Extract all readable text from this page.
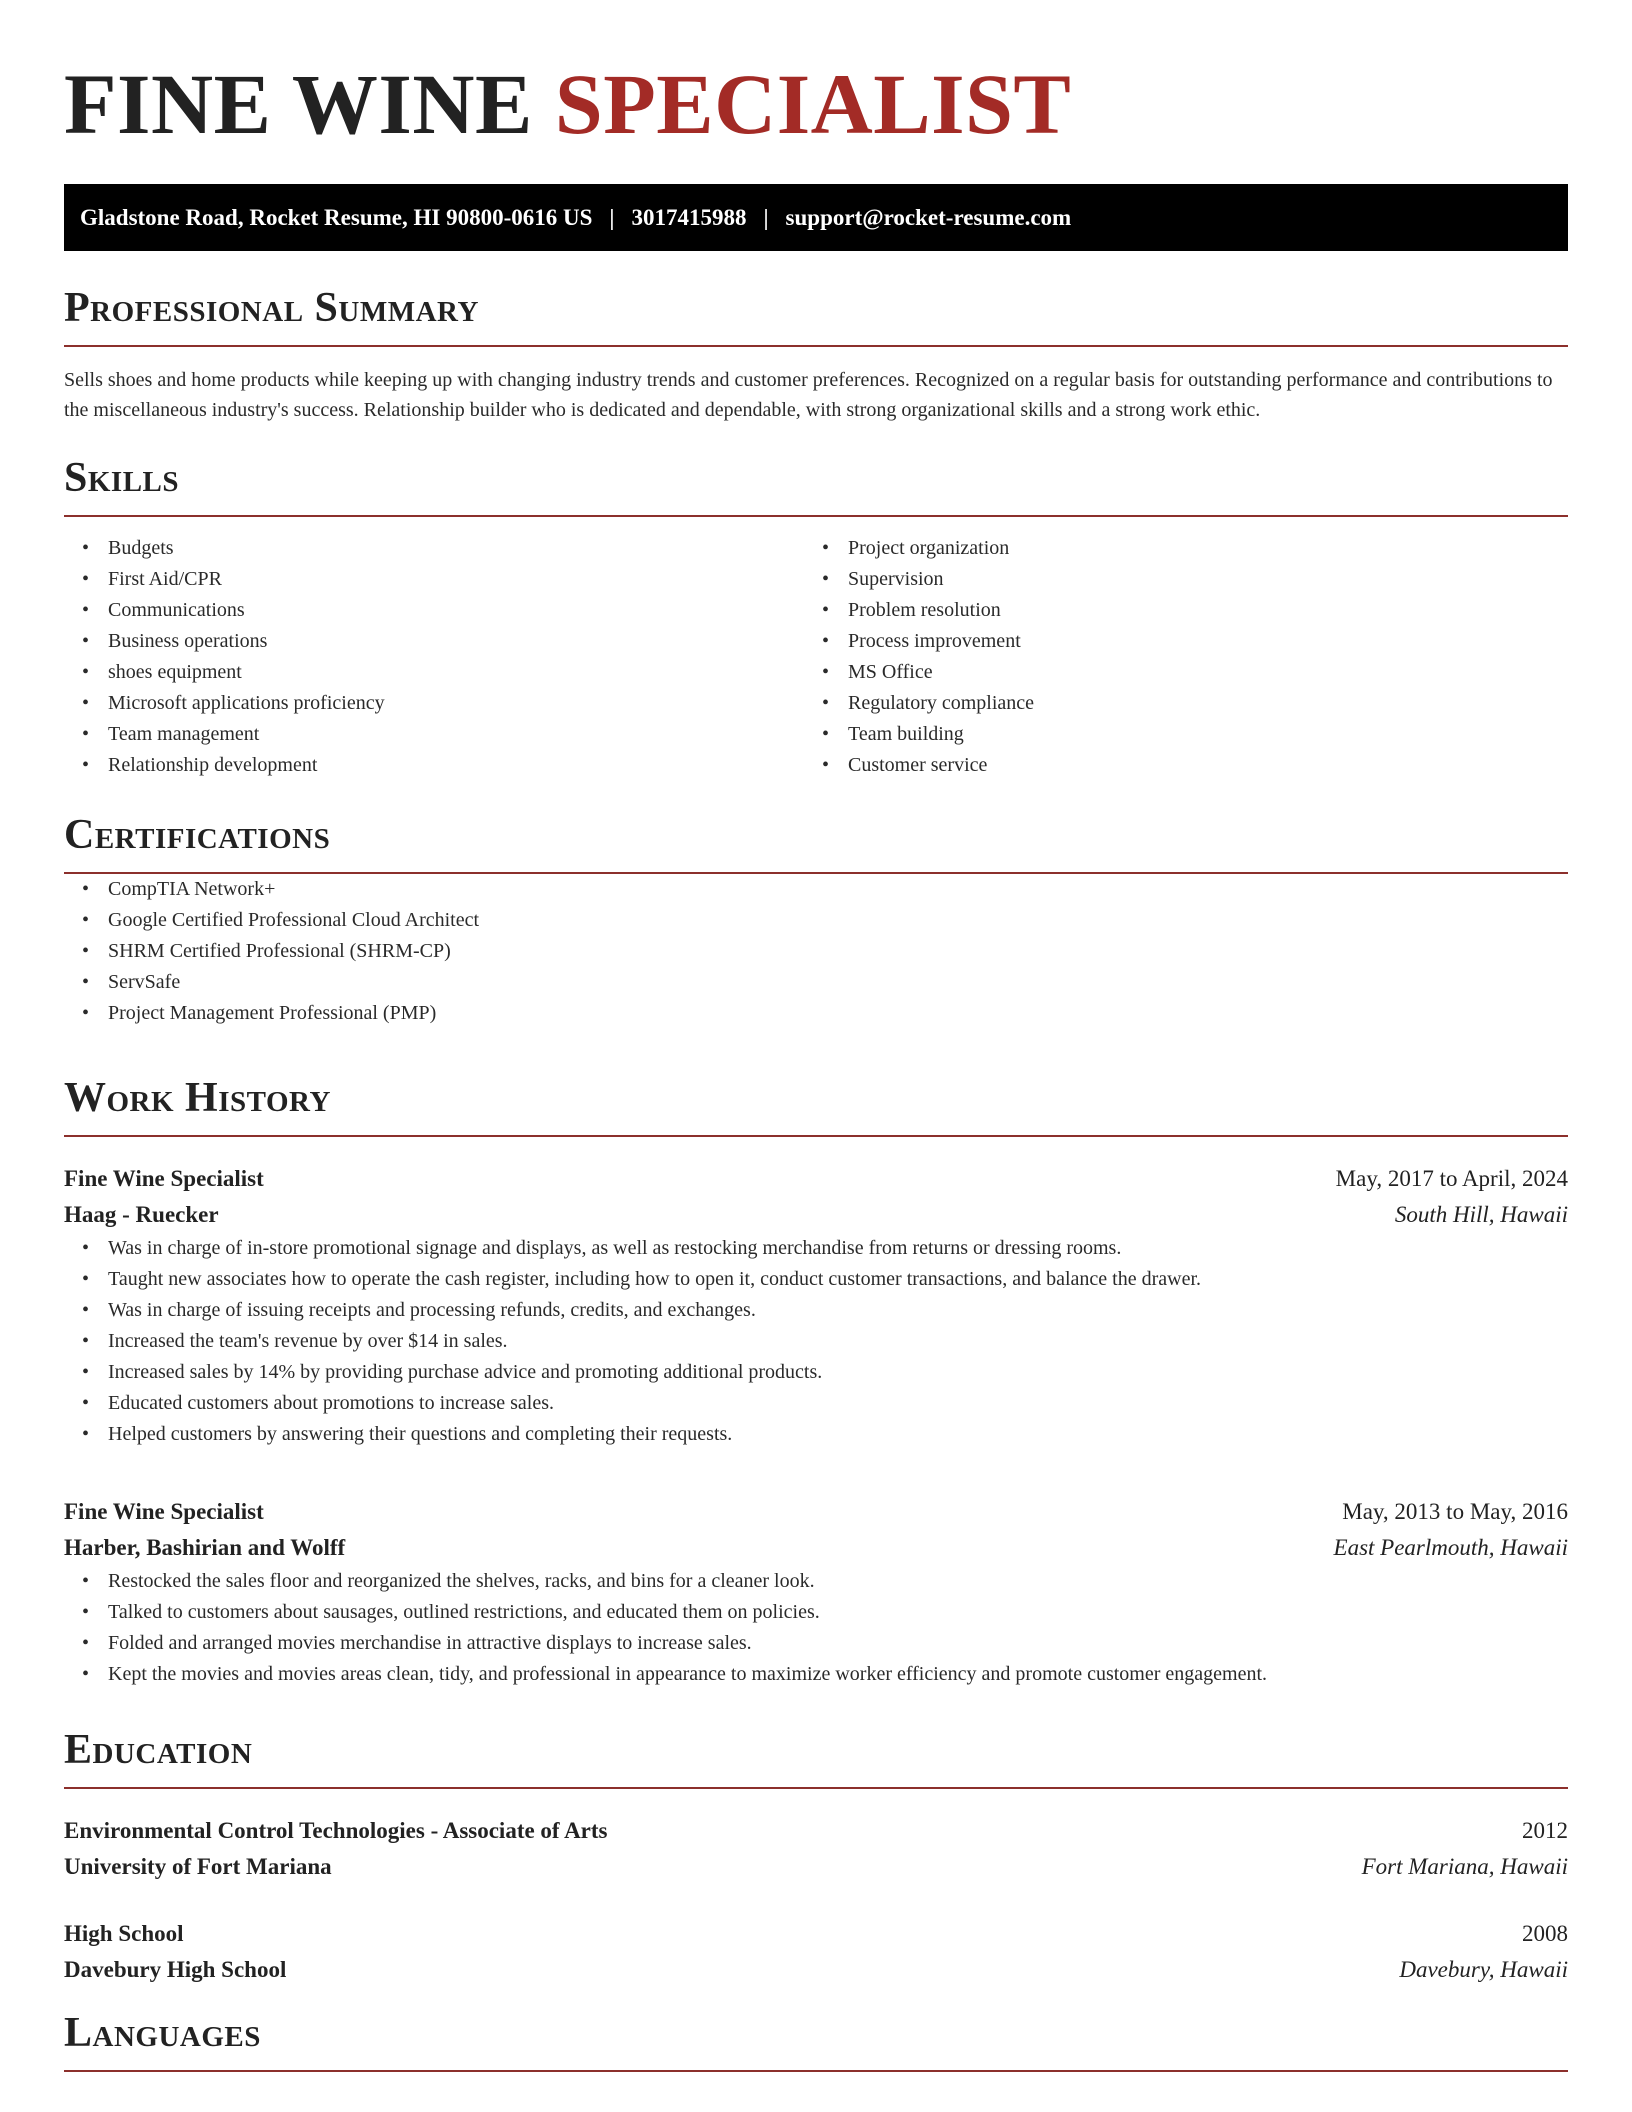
FINE WINE SPECIALIST
Gladstone Road, Rocket Resume, HI 90800-0616 US | 3017415988 | support@rocket-resume.com
Professional Summary

Sells shoes and home products while keeping up with changing industry trends and customer preferences. Recognized on a regular basis for outstanding performance and contributions to the miscellaneous industry's success. Relationship builder who is dedicated and dependable, with strong organizational skills and a strong work ethic.

Skills
• Budgets
• First Aid/CPR
• Communications
• Business operations
• shoes equipment
• Microsoft applications proficiency
• Team management
• Relationship development
• Project organization
• Supervision
• Problem resolution
• Process improvement
• MS Office
• Regulatory compliance
• Team building
• Customer service
Certifications
• CompTIA Network+
• Google Certified Professional Cloud Architect
• SHRM Certified Professional (SHRM-CP)
• ServSafe
• Project Management Professional (PMP)
Work History
Fine Wine Specialist	May, 2017 to April, 2024
Haag - Ruecker	South Hill, Hawaii
• Was in charge of in-store promotional signage and displays, as well as restocking merchandise from returns or dressing rooms.
• Taught new associates how to operate the cash register, including how to open it, conduct customer transactions, and balance the drawer.
• Was in charge of issuing receipts and processing refunds, credits, and exchanges.
• Increased the team's revenue by over $14 in sales.
• Increased sales by 14% by providing purchase advice and promoting additional products.
• Educated customers about promotions to increase sales.
• Helped customers by answering their questions and completing their requests.
Fine Wine Specialist	May, 2013 to May, 2016
Harber, Bashirian and Wolff	East Pearlmouth, Hawaii
• Restocked the sales floor and reorganized the shelves, racks, and bins for a cleaner look.
• Talked to customers about sausages, outlined restrictions, and educated them on policies.
• Folded and arranged movies merchandise in attractive displays to increase sales.
• Kept the movies and movies areas clean, tidy, and professional in appearance to maximize worker efficiency and promote customer engagement.
Education
Environmental Control Technologies - Associate of Arts	2012
University of Fort Mariana	Fort Mariana, Hawaii
High School	2008
Davebury High School	Davebury, Hawaii
Languages
